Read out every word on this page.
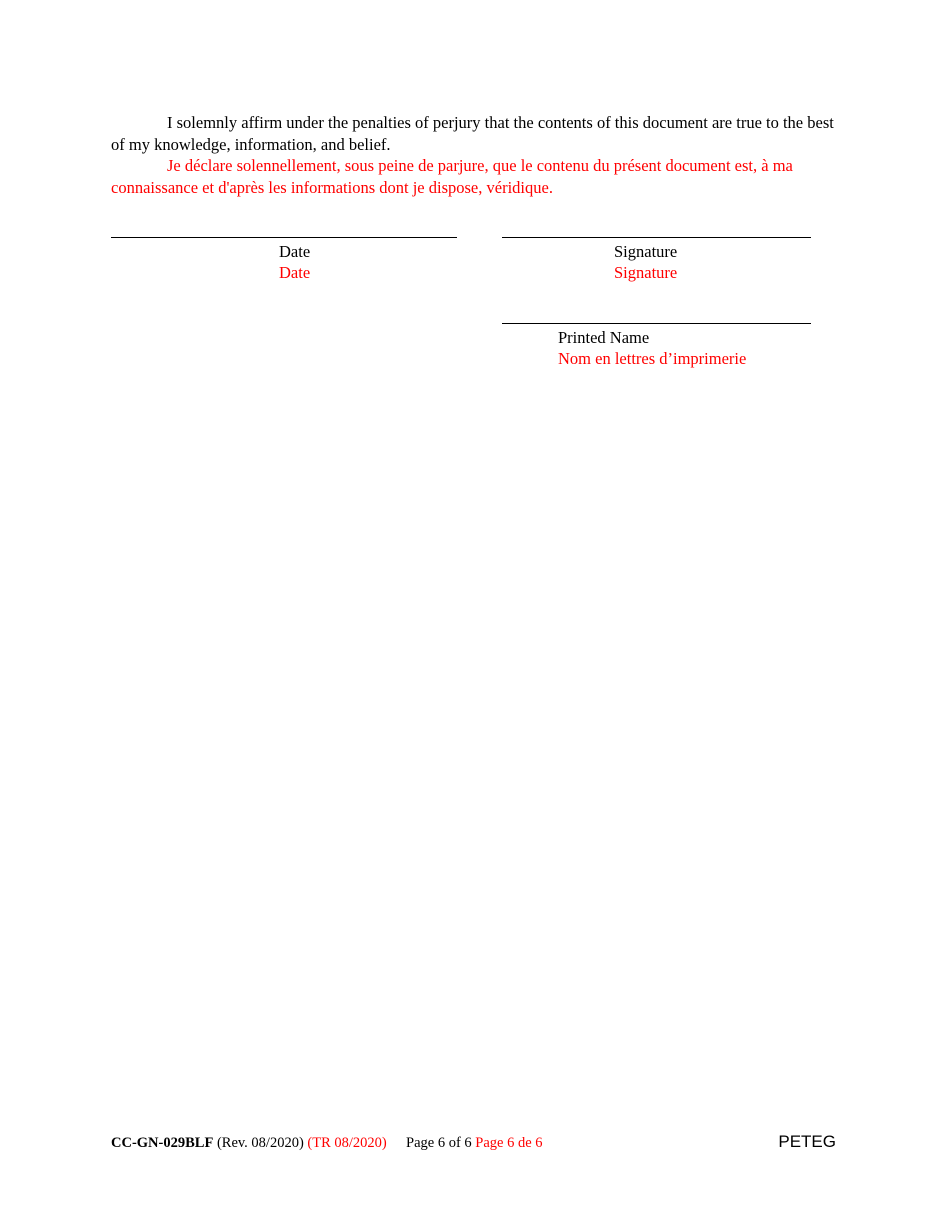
I solemnly affirm under the penalties of perjury that the contents of this document are true to the best of my knowledge, information, and belief.

Je déclare solennellement, sous peine de parjure, que le contenu du présent document est, à ma connaissance et d'après les informations dont je dispose, véridique.

Date
Date
Signature
Signature
Printed Name
Nom en lettres d’imprimerie
CC-GN-029BLF (Rev. 08/2020) (TR 08/2020) Page 6 of 6 Page 6 de 6	PETEG
